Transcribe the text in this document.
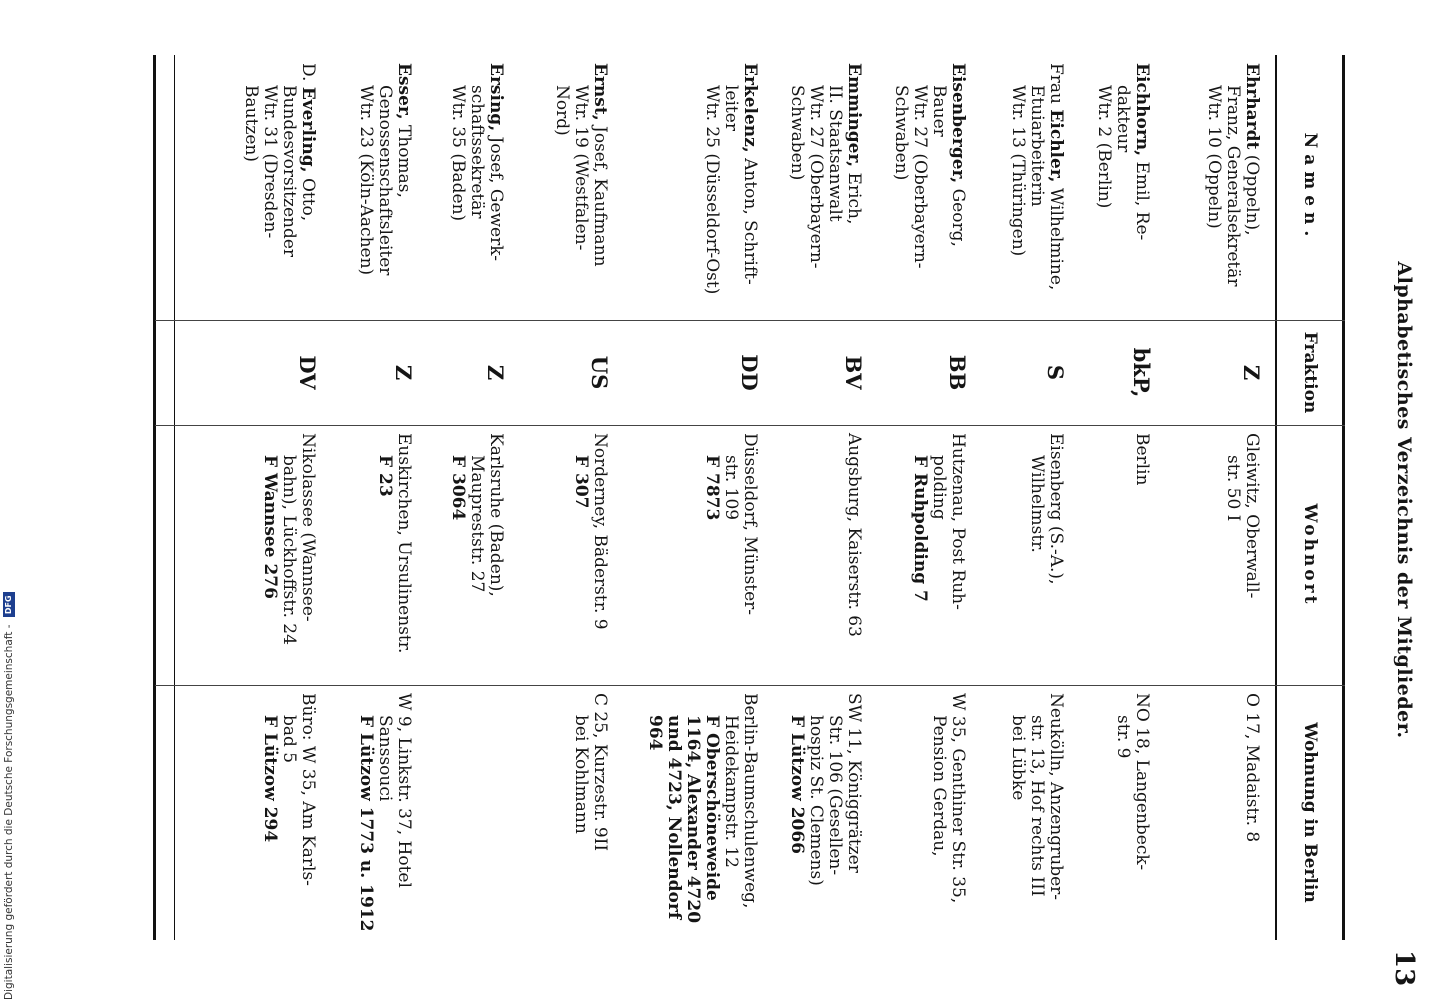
Digitalisierung gefördert durch die Deutsche Forschungsgemeinschaft - DFG
13
Alphabetisches Verzeichnis der Mitglieder.
Namen.
Fraktion
Wohnort
Wohnung in Berlin
Ehrhardt (Oppeln),
Franz, Generalsekretär
Wtr. 10 (Oppeln)
Z
Gleiwitz, Oberwall-
str. 50 I
O 17, Madaistr. 8
Eichhorn, Emil, Re-
dakteur
Wtr. 2 (Berlin)
bkP,
Berlin
NO 18, Langenbeck-
str. 9
Frau Eichler, Wilhelmine,
Etuiarbeiterin
Wtr. 13 (Thüringen)
S
Eisenberg (S.-A.),
Wilhelmstr.
Neukölln, Anzengruber-
str. 13, Hof rechts III
bei Lübke
Eisenberger, Georg,
Bauer
Wtr. 27 (Oberbayern-
Schwaben)
BB
Hutzenau, Post Ruh-
polding
F Ruhpolding 7
W 35, Genthiner Str. 35,
Pension Gerdau,
Emminger, Erich,
II. Staatsanwalt
Wtr. 27 (Oberbayern-
Schwaben)
BV
Augsburg, Kaiserstr. 63
SW 11, Königgrätzer
Str. 106 (Gesellen-
hospiz St. Clemens)
F Lützow 2066
Erkelenz, Anton, Schrift-
leiter
Wtr. 25 (Düsseldorf-Ost)
DD
Düsseldorf, Münster-
str. 109
F 7873
Berlin-Baumschulenweg,
Heidekampstr. 12
F Oberschöneweide
1164, Alexander 4720
und 4723, Nollendorf
964
Ernst, Josef, Kaufmann
Wtr. 19 (Westfalen-
Nord)
US
Norderney, Bäderstr. 9
F 307
C 25, Kurzestr. 9II
bei Kohlmann
Ersing, Josef, Gewerk-
schaftssekretär
Wtr. 35 (Baden)
Z
Karlsruhe (Baden),
Maupreststr. 27
F 3064
Esser, Thomas,
Genossenschaftsleiter
Wtr. 23 (Köln-Aachen)
Z
Euskirchen, Ursulinenstr.
F 23
W 9, Linkstr. 37, Hotel
Sanssouci
F Lützow 1773 u. 1912
D. Everling, Otto,
Bundesvorsitzender
Wtr. 31 (Dresden-
Bautzen)
DV
Nikolassee (Wannsee-
bahn), Lückhoffstr. 24
F Wannsee 276
Büro: W 35, Am Karls-
bad 5
F Lützow 294
